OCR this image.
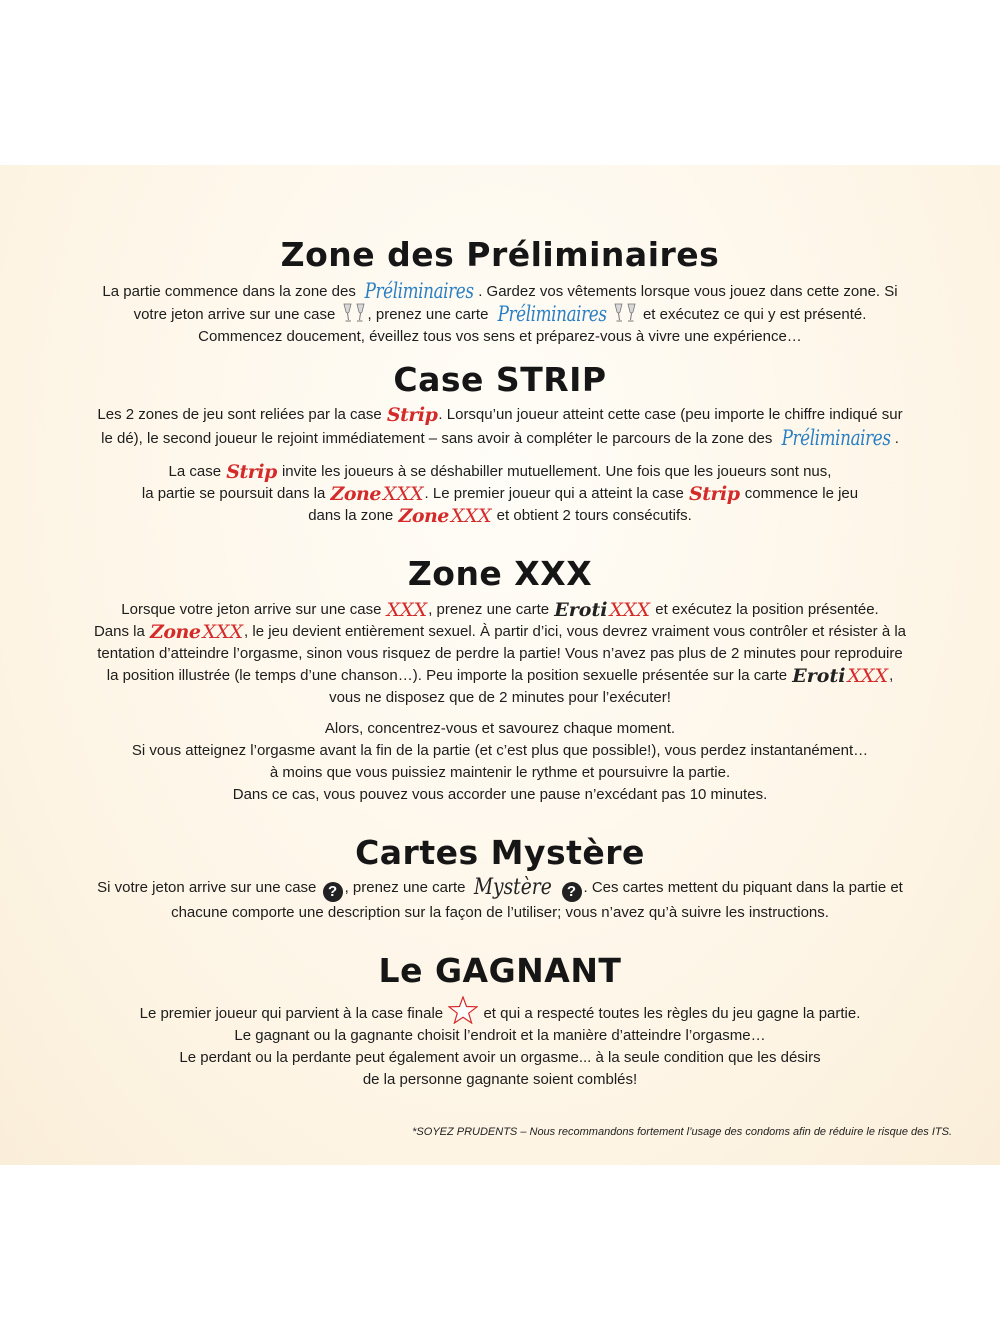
Zone des Préliminaires
La partie commence dans la zone des Préliminaires . Gardez vos vêtements lorsque vous jouez dans cette zone. Si
votre jeton arrive sur une case , prenez une carte Préliminaires et exécutez ce qui y est présenté.
Commencez doucement, éveillez tous vos sens et préparez-vous à vivre une expérience…
Case STRIP
Les 2 zones de jeu sont reliées par la case Strip. Lorsqu’un joueur atteint cette case (peu importe le chiffre indiqué sur
le dé), le second joueur le rejoint immédiatement – sans avoir à compléter le parcours de la zone des Préliminaires .
La case Strip invite les joueurs à se déshabiller mutuellement. Une fois que les joueurs sont nus,
la partie se poursuit dans la Zone XXX. Le premier joueur qui a atteint la case Strip commence le jeu
dans la zone Zone XXX et obtient 2 tours consécutifs.
Zone XXX
Lorsque votre jeton arrive sur une case XXX, prenez une carte Eroti XXX et exécutez la position présentée.
Dans la Zone XXX, le jeu devient entièrement sexuel. À partir d’ici, vous devrez vraiment vous contrôler et résister à la
tentation d’atteindre l’orgasme, sinon vous risquez de perdre la partie! Vous n’avez pas plus de 2 minutes pour reproduire
la position illustrée (le temps d’une chanson…). Peu importe la position sexuelle présentée sur la carte Eroti XXX,
vous ne disposez que de 2 minutes pour l’exécuter!
Alors, concentrez-vous et savourez chaque moment.
Si vous atteignez l’orgasme avant la fin de la partie (et c’est plus que possible!), vous perdez instantanément…
à moins que vous puissiez maintenir le rythme et poursuivre la partie.
Dans ce cas, vous pouvez vous accorder une pause n’excédant pas 10 minutes.
Cartes Mystère
Si votre jeton arrive sur une case ? , prenez une carte Mystère ? . Ces cartes mettent du piquant dans la partie et
chacune comporte une description sur la façon de l’utiliser; vous n’avez qu’à suivre les instructions.
Le GAGNANT
Le premier joueur qui parvient à la case finale	et qui a respecté toutes les règles du jeu gagne la partie.
Le gagnant ou la gagnante choisit l’endroit et la manière d’atteindre l’orgasme…
Le perdant ou la perdante peut également avoir un orgasme... à la seule condition que les désirs
de la personne gagnante soient comblés!
*SOYEZ PRUDENTS – Nous recommandons fortement l’usage des condoms afin de réduire le risque des ITS.
